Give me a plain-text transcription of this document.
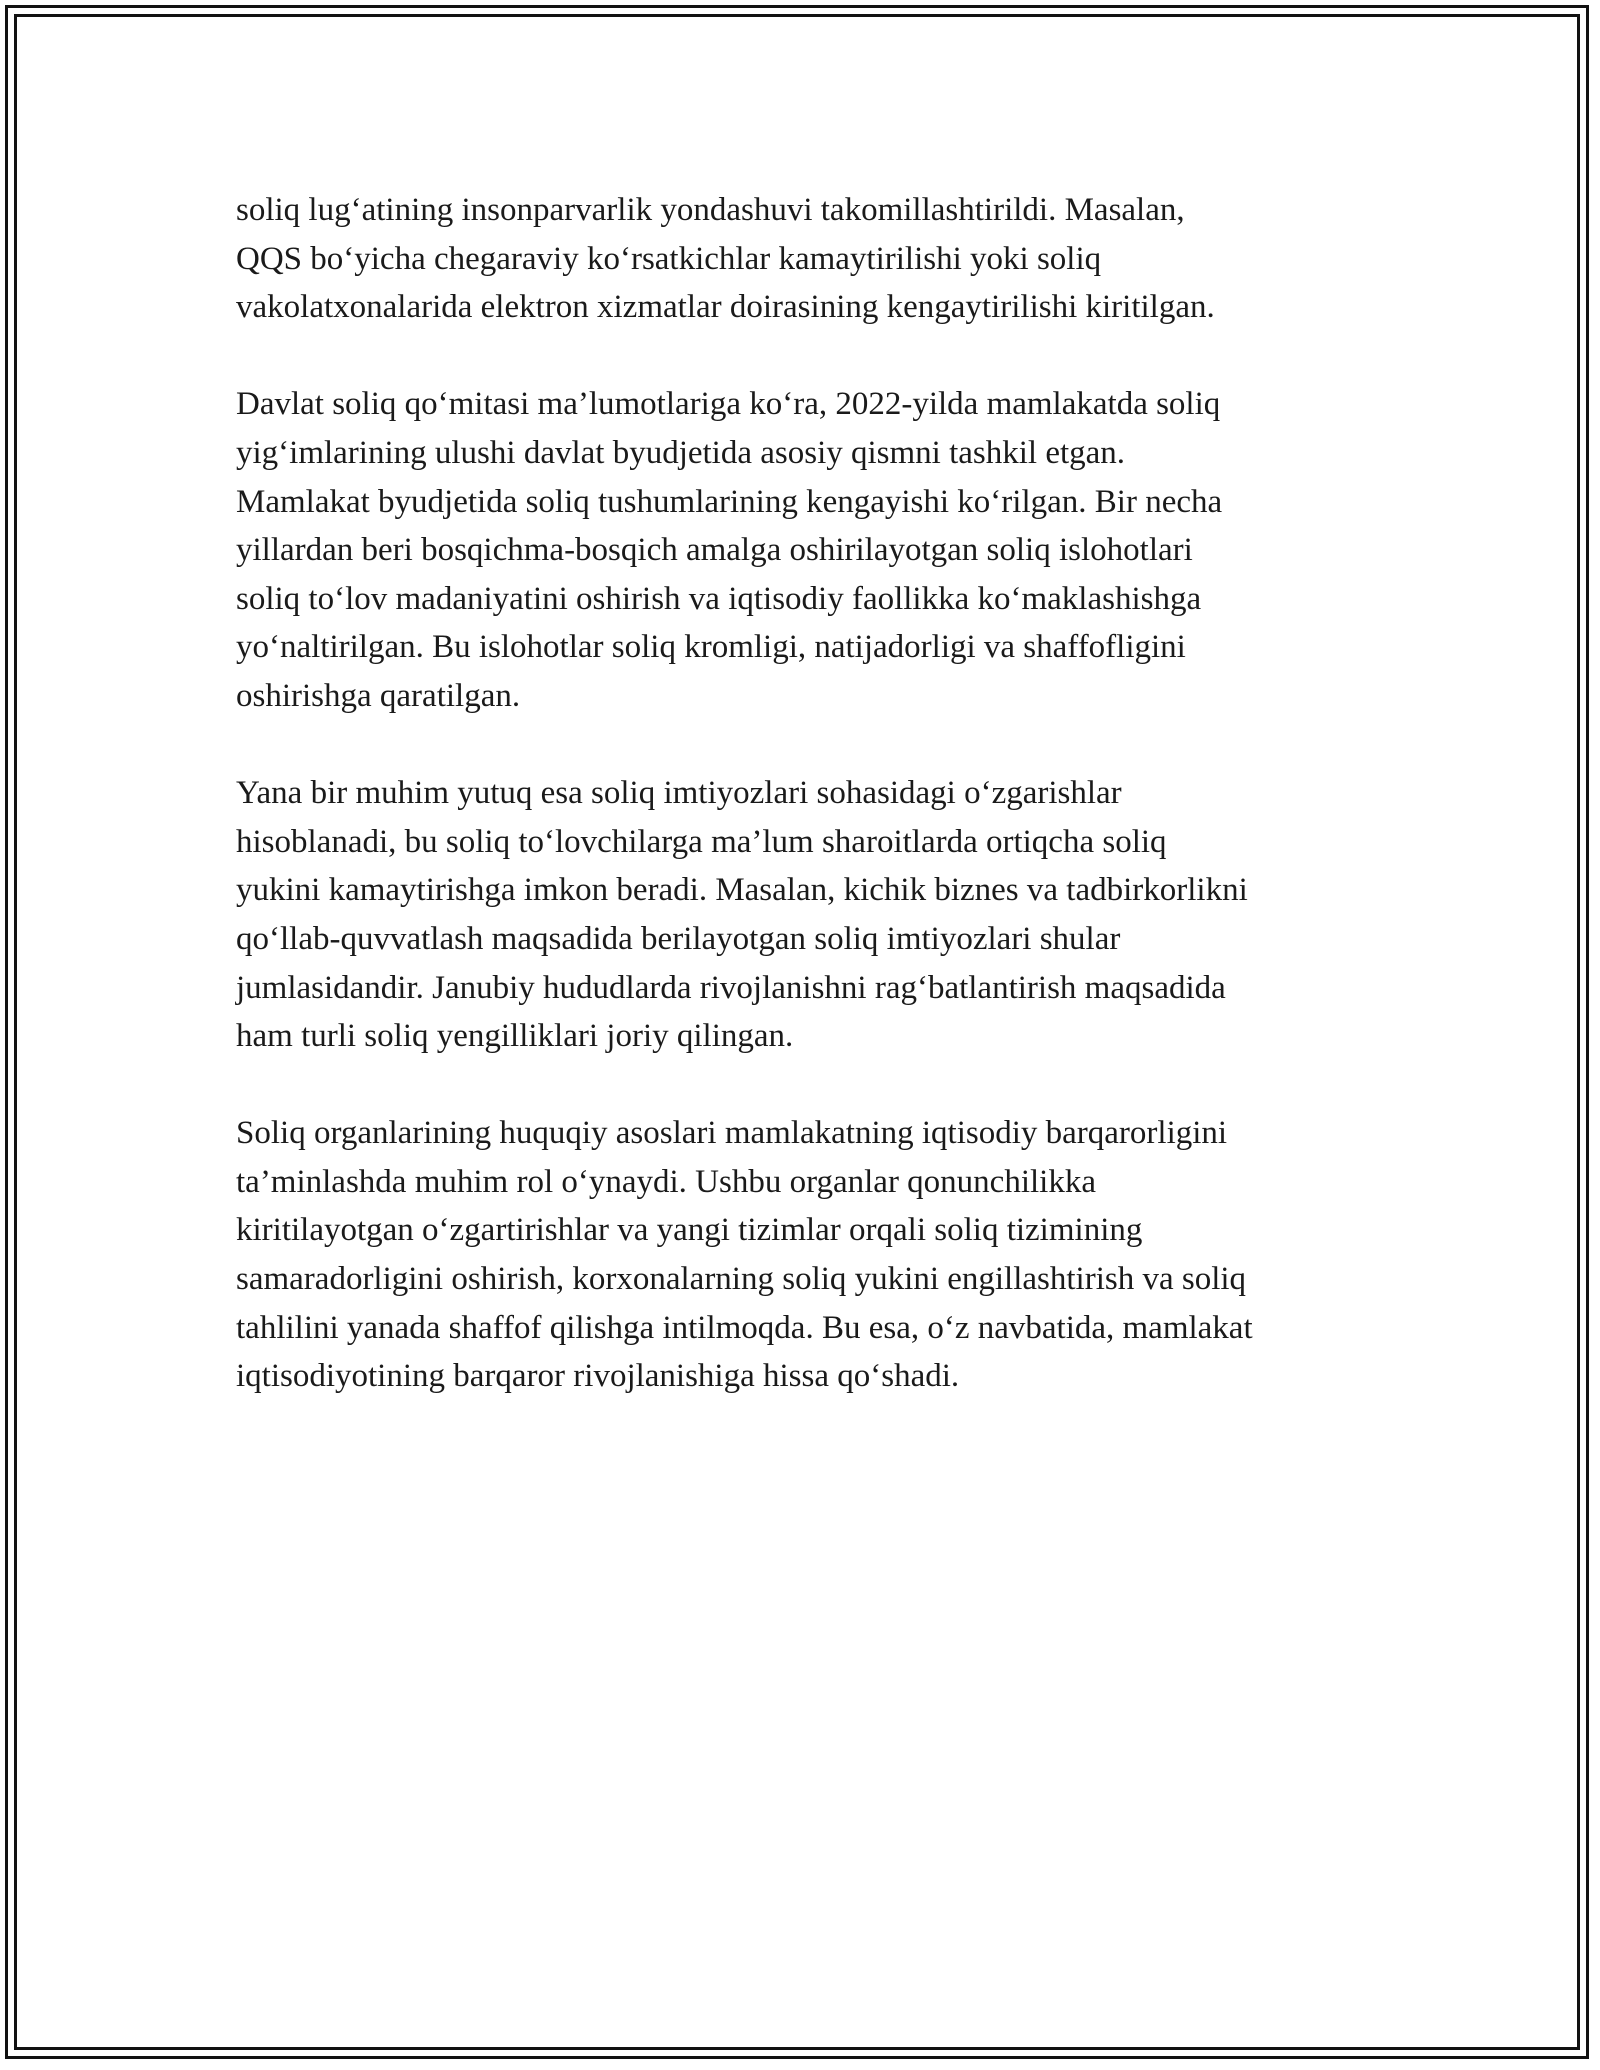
soliq lug‘atining insonparvarlik yondashuvi takomillashtirildi. Masalan,
QQS bo‘yicha chegaraviy ko‘rsatkichlar kamaytirilishi yoki soliq
vakolatxonalarida elektron xizmatlar doirasining kengaytirilishi kiritilgan.

Davlat soliq qo‘mitasi ma’lumotlariga ko‘ra, 2022-yilda mamlakatda soliq
yig‘imlarining ulushi davlat byudjetida asosiy qismni tashkil etgan.
Mamlakat byudjetida soliq tushumlarining kengayishi ko‘rilgan. Bir necha
yillardan beri bosqichma-bosqich amalga oshirilayotgan soliq islohotlari
soliq to‘lov madaniyatini oshirish va iqtisodiy faollikka ko‘maklashishga
yo‘naltirilgan. Bu islohotlar soliq kromligi, natijadorligi va shaffofligini
oshirishga qaratilgan.

Yana bir muhim yutuq esa soliq imtiyozlari sohasidagi o‘zgarishlar
hisoblanadi, bu soliq to‘lovchilarga ma’lum sharoitlarda ortiqcha soliq
yukini kamaytirishga imkon beradi. Masalan, kichik biznes va tadbirkorlikni
qo‘llab-quvvatlash maqsadida berilayotgan soliq imtiyozlari shular
jumlasidandir. Janubiy hududlarda rivojlanishni rag‘batlantirish maqsadida
ham turli soliq yengilliklari joriy qilingan.

Soliq organlarining huquqiy asoslari mamlakatning iqtisodiy barqarorligini
ta’minlashda muhim rol o‘ynaydi. Ushbu organlar qonunchilikka
kiritilayotgan o‘zgartirishlar va yangi tizimlar orqali soliq tizimining
samaradorligini oshirish, korxonalarning soliq yukini engillashtirish va soliq
tahlilini yanada shaffof qilishga intilmoqda. Bu esa, o‘z navbatida, mamlakat
iqtisodiyotining barqaror rivojlanishiga hissa qo‘shadi.
